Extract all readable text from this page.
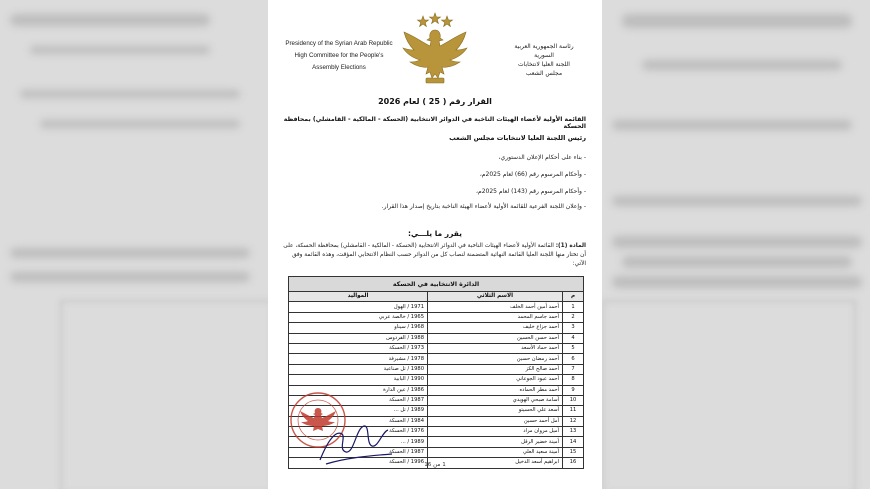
Presidency of the Syrian Arab Republic
High Committee for the People's
Assembly Elections
رئاسة الجمهورية العربية السورية
اللجنة العليا لانتخابات
مجلس الشعب
القرار رقم ( 25 ) لعام 2026
القائمة الأولية لأعضاء الهيئات الناخبة في الدوائر الانتخابية (الحسكة - المالكية - القامشلي) بمحافظة الحسكة
رئيس اللجنة العليا لانتخابات مجلس الشعب
- بناء على أحكام الإعلان الدستوري،
- وأحكام المرسوم رقم (66) لعام 2025م،
- وأحكام المرسوم رقم (143) لعام 2025م،
- وإعلان اللجنة الفرعية للقائمة الأولية لأعضاء الهيئة الناخبة بتاريخ إصدار هذا القرار.
يقرر ما يلـــي:
المادة (1): القائمة الأولية لأعضاء الهيئات الناخبة في الدوائر الانتخابية (الحسكة - المالكية - القامشلي) بمحافظة الحسكة، على أن تختار منها اللجنة العليا القائمة النهائية المتضمنة لنصاب كل من الدوائر حسب النظام الانتخابي المؤقت، وهذه القائمة وفق الآتي:
الدائرة الانتخابية في الحسكة		
م	الاسم الثلاثي	المواليد
1	أحمد أمين أحمد الخلف	1971 / الهول
2	أحمد جاسم المحمد	1965 / خالصة عربي
3	أحمد جزاع خليف	1968 / سيناو
4	أحمد حسن الحسين	1988 / الفردوس
5	أحمد حماد الأسعد	1973 / الحسكة
6	أحمد رمضان حسين	1978 / مشيرفة
7	أحمد صالح الكز	1980 / تل صناعية
8	أحمد عبود الجوعاني	1990 / البابية
9	أحمد مطر الحماده	1986 / عين الدارة
10	أسامة صبحي الهويدي	1987 / الحسكة
11	أسعد علي الحسيتو	1989 / تل ...
12	أمل أحمد حسين	1984 / الحسكة
13	أميل مروان مراد	1976 / الحسكة
14	أمينة خضير الرقل	1989 / ...
15	أمينة سعيد العلي	1987 / الحسكة
16	ابراهيم أسعد الدخيل	1996 / الحسكة 1 من 16
